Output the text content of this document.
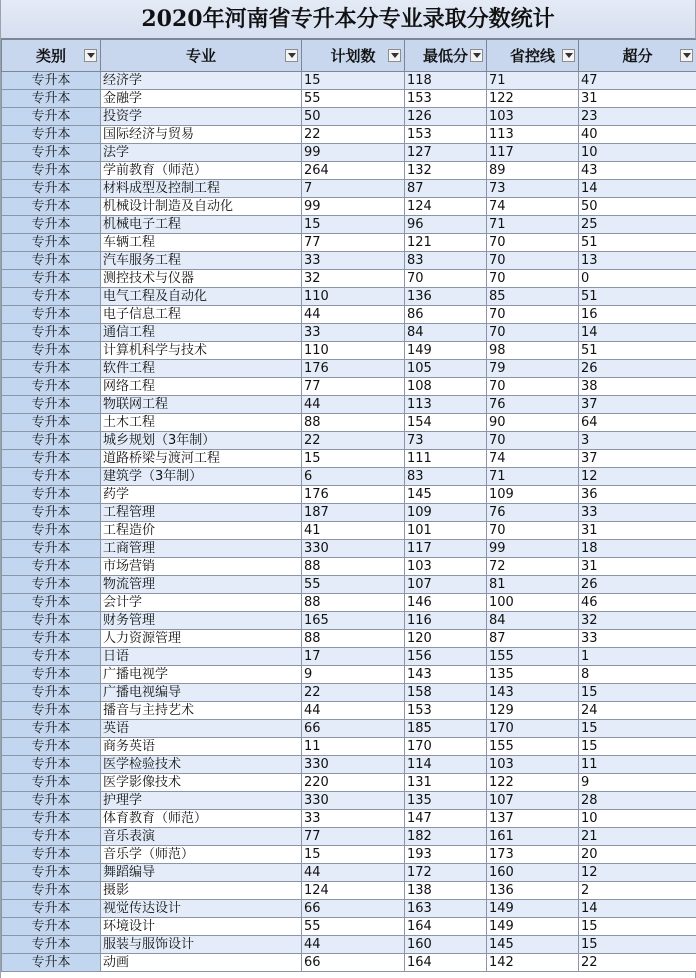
2020年河南省专升本分专业录取分数统计
类别	专业	计划数	最低分	省控线	超分

专升本	经济学	15	118	71	47
专升本	金融学	55	153	122	31
专升本	投资学	50	126	103	23
专升本	国际经济与贸易	22	153	113	40
专升本	法学	99	127	117	10
专升本	学前教育（师范）	264	132	89	43
专升本	材料成型及控制工程	7	87	73	14
专升本	机械设计制造及自动化	99	124	74	50
专升本	机械电子工程	15	96	71	25
专升本	车辆工程	77	121	70	51
专升本	汽车服务工程	33	83	70	13
专升本	测控技术与仪器	32	70	70	0
专升本	电气工程及自动化	110	136	85	51
专升本	电子信息工程	44	86	70	16
专升本	通信工程	33	84	70	14
专升本	计算机科学与技术	110	149	98	51
专升本	软件工程	176	105	79	26
专升本	网络工程	77	108	70	38
专升本	物联网工程	44	113	76	37
专升本	土木工程	88	154	90	64
专升本	城乡规划（3年制）	22	73	70	3
专升本	道路桥梁与渡河工程	15	111	74	37
专升本	建筑学（3年制）	6	83	71	12
专升本	药学	176	145	109	36
专升本	工程管理	187	109	76	33
专升本	工程造价	41	101	70	31
专升本	工商管理	330	117	99	18
专升本	市场营销	88	103	72	31
专升本	物流管理	55	107	81	26
专升本	会计学	88	146	100	46
专升本	财务管理	165	116	84	32
专升本	人力资源管理	88	120	87	33
专升本	日语	17	156	155	1
专升本	广播电视学	9	143	135	8
专升本	广播电视编导	22	158	143	15
专升本	播音与主持艺术	44	153	129	24
专升本	英语	66	185	170	15
专升本	商务英语	11	170	155	15
专升本	医学检验技术	330	114	103	11
专升本	医学影像技术	220	131	122	9
专升本	护理学	330	135	107	28
专升本	体育教育（师范）	33	147	137	10
专升本	音乐表演	77	182	161	21
专升本	音乐学（师范）	15	193	173	20
专升本	舞蹈编导	44	172	160	12
专升本	摄影	124	138	136	2
专升本	视觉传达设计	66	163	149	14
专升本	环境设计	55	164	149	15
专升本	服装与服饰设计	44	160	145	15
专升本	动画	66	164	142	22
